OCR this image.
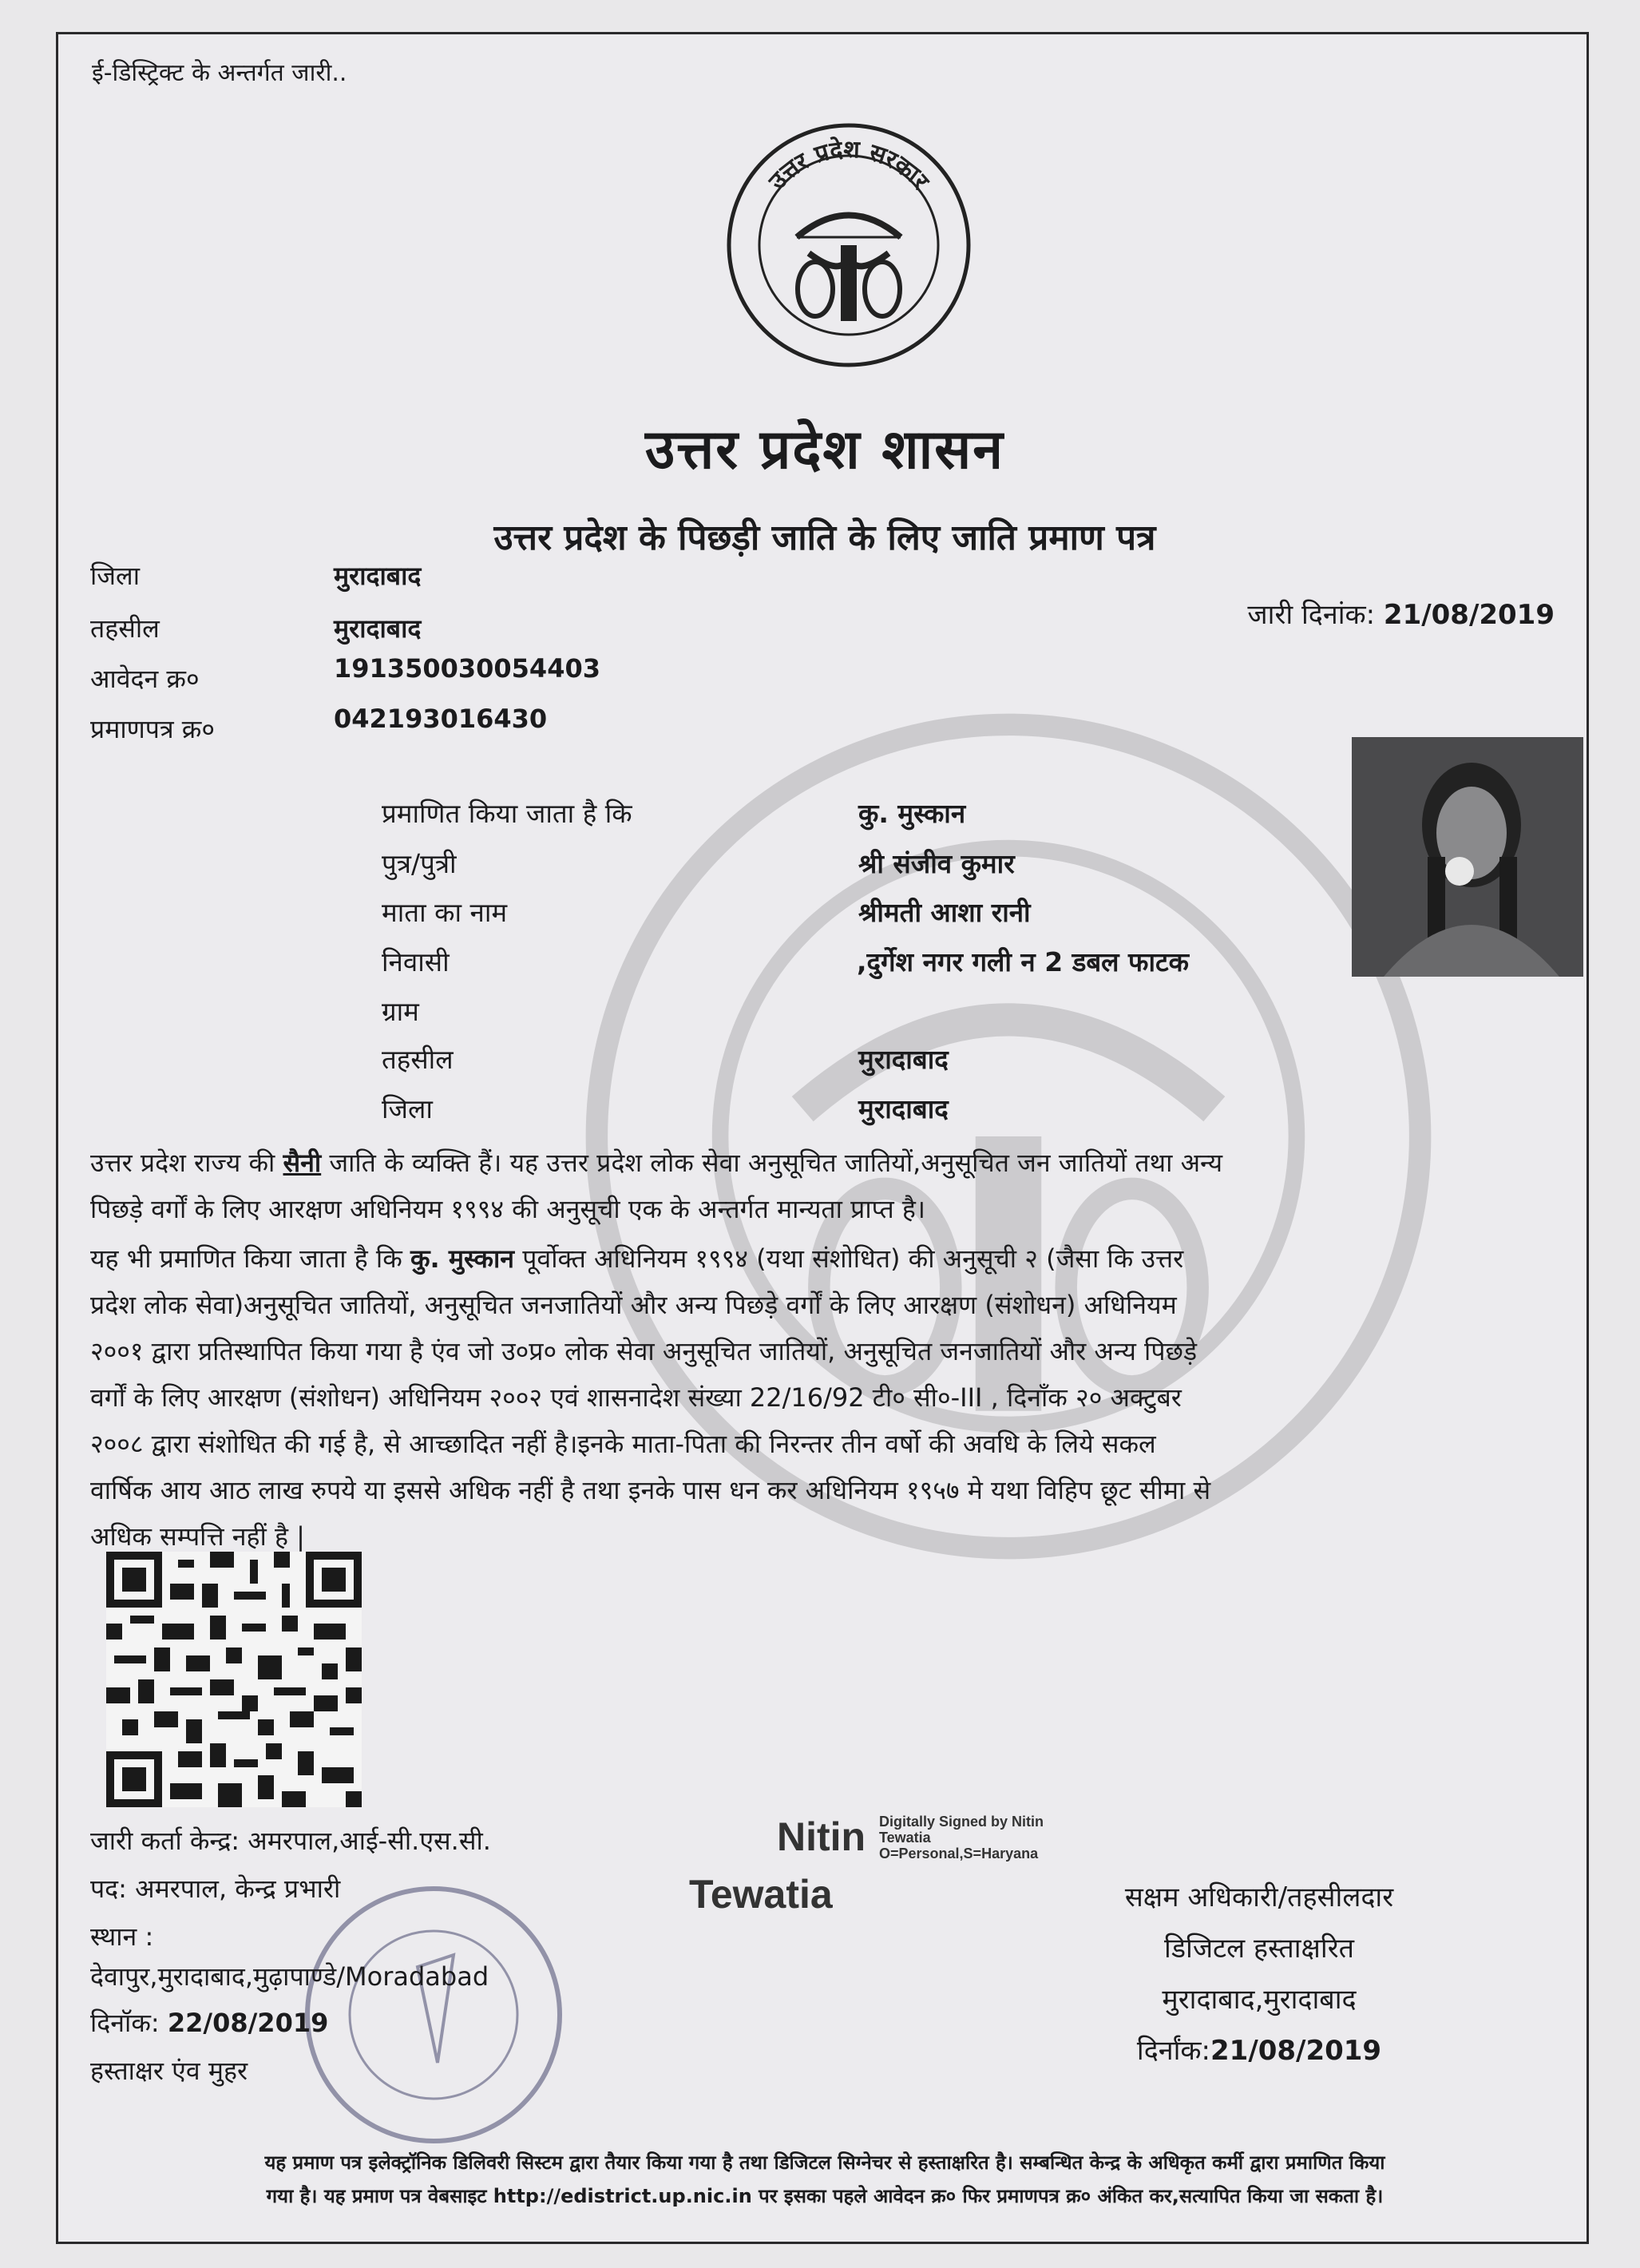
ई-डिस्ट्रिक्ट के अन्तर्गत जारी..
उत्तर प्रदेश सरकार
उत्तर प्रदेश शासन
उत्तर प्रदेश के पिछड़ी जाति के लिए जाति प्रमाण पत्र
जिला	मुरादाबाद
तहसील	मुरादाबाद
आवेदन क्र०	191350030054403
प्रमाणपत्र क्र०	042193016430
जारी दिनांक: 21/08/2019
प्रमाणित किया जाता है कि	कु. मुस्कान
पुत्र/पुत्री	श्री संजीव कुमार
माता का नाम	श्रीमती आशा रानी
निवासी	,दुर्गेश नगर गली न 2 डबल फाटक
ग्राम
तहसील	मुरादाबाद
जिला	मुरादाबाद
उत्तर प्रदेश राज्य की सैनी जाति के व्यक्ति हैं। यह उत्तर प्रदेश लोक सेवा अनुसूचित जातियों,अनुसूचित जन जातियों तथा अन्य
पिछड़े वर्गों के लिए आरक्षण अधिनियम १९९४ की अनुसूची एक के अन्तर्गत मान्यता प्राप्त है।
यह भी प्रमाणित किया जाता है कि कु. मुस्कान पूर्वोक्त अधिनियम १९९४ (यथा संशोधित) की अनुसूची २ (जैसा कि उत्तर
प्रदेश लोक सेवा)अनुसूचित जातियों, अनुसूचित जनजातियों और अन्य पिछड़े वर्गों के लिए आरक्षण (संशोधन) अधिनियम
२००१ द्वारा प्रतिस्थापित किया गया है एंव जो उ०प्र० लोक सेवा अनुसूचित जातियों, अनुसूचित जनजातियों और अन्य पिछड़े
वर्गों के लिए आरक्षण (संशोधन) अधिनियम २००२ एवं शासनादेश संख्या 22/16/92 टी० सी०-III , दिनाँक २० अक्टुबर
२००८ द्वारा संशोधित की गई है, से आच्छादित नहीं है।इनके माता-पिता की निरन्तर तीन वर्षो की अवधि के लिये सकल
वार्षिक आय आठ लाख रुपये या इससे अधिक नहीं है तथा इनके पास धन कर अधिनियम १९५७ मे यथा विहिप छूट सीमा से
अधिक सम्पत्ति नहीं है |
जारी कर्ता केन्द्र: अमरपाल,आई-सी.एस.सी.
पद: अमरपाल, केन्द्र प्रभारी
स्थान :
देवापुर,मुरादाबाद,मुढ़ापाण्डे/Moradabad
दिनॉक: 22/08/2019
हस्ताक्षर एंव मुहर
Nitin
Tewatia
Digitally Signed by Nitin
Tewatia
O=Personal,S=Haryana
सक्षम अधिकारी/तहसीलदार
डिजिटल हस्ताक्षरित
मुरादाबाद,मुरादाबाद
दिर्नांक:21/08/2019
यह प्रमाण पत्र इलेक्ट्रॉनिक डिलिवरी सिस्टम द्वारा तैयार किया गया है तथा डिजिटल सिग्नेचर से हस्ताक्षरित है। सम्बन्धित केन्द्र के अधिकृत कर्मी द्वारा प्रमाणित किया
गया है। यह प्रमाण पत्र वेबसाइट http://edistrict.up.nic.in पर इसका पहले आवेदन क्र० फिर प्रमाणपत्र क्र० अंकित कर,सत्यापित किया जा सकता है।
